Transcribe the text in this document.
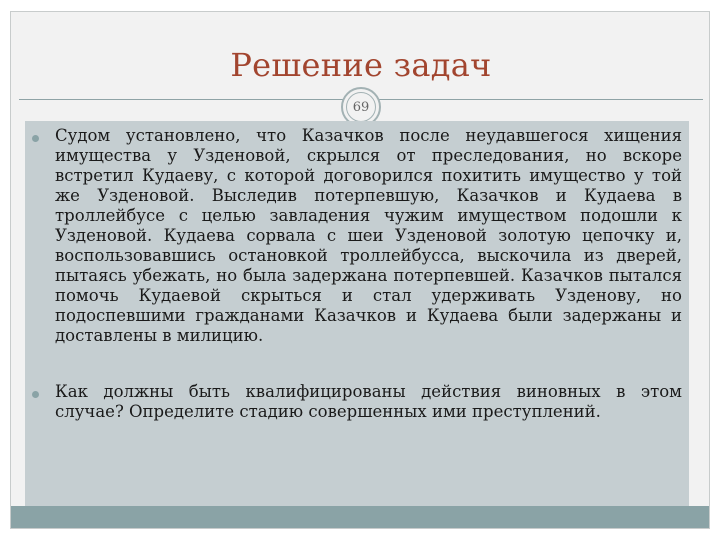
Решение задач
69
Судом установлено, что Казачков после неудавшегося хищения имущества у Узденовой, скрылся от преследования, но вскоре встретил Кудаеву, с которой договорился похитить имущество у той же Узденовой. Выследив потерпевшую, Казачков и Кудаева в троллейбусе с целью завладения чужим имуществом подошли к Узденовой. Кудаева сорвала с шеи Узденовой золотую цепочку и, воспользовавшись остановкой троллейбусса, выскочила из дверей, пытаясь убежать, но была задержана потерпевшей. Казачков пытался помочь Кудаевой скрыться и стал удерживать Узденову, но подоспевшими гражданами Казачков и Кудаева были задержаны и доставлены в милицию.
Как должны быть квалифицированы действия виновных в этом случае? Определите стадию совершенных ими преступлений.
